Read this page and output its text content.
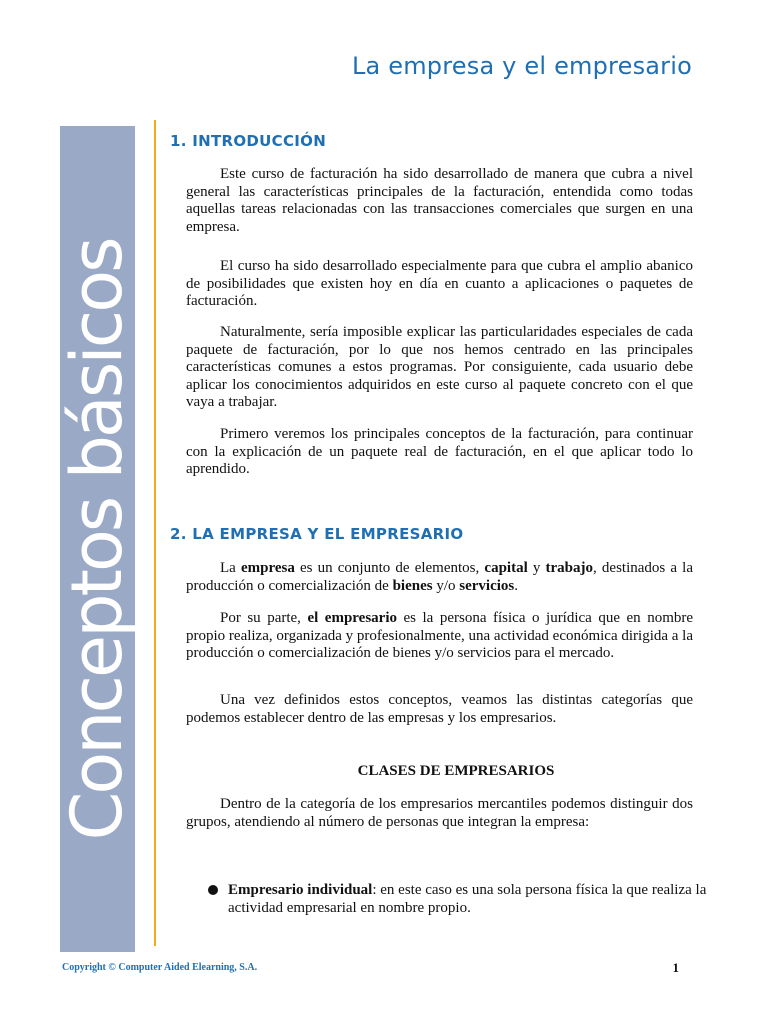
La empresa y el empresario
Conceptos básicos
1. INTRODUCCIÓN

Este curso de facturación ha sido desarrollado de manera que cubra a nivel general las características principales de la facturación, entendida como todas aquellas tareas relacionadas con las transacciones comerciales que surgen en una empresa.

El curso ha sido desarrollado especialmente para que cubra el amplio abanico de posibilidades que existen hoy en día en cuanto a aplicaciones o paquetes de facturación.

Naturalmente, sería imposible explicar las particularidades especiales de cada paquete de facturación, por lo que nos hemos centrado en las principales características comunes a estos programas. Por consiguiente, cada usuario debe aplicar los conocimientos adquiridos en este curso al paquete concreto con el que vaya a trabajar.

Primero veremos los principales conceptos de la facturación, para continuar con la explicación de un paquete real de facturación, en el que aplicar todo lo aprendido.

2. LA EMPRESA Y EL EMPRESARIO

La empresa es un conjunto de elementos, capital y trabajo, destinados a la producción o comercialización de bienes y/o servicios.

Por su parte, el empresario es la persona física o jurídica que en nombre propio realiza, organizada y profesionalmente, una actividad económica dirigida a la producción o comercialización de bienes y/o servicios para el mercado.

Una vez definidos estos conceptos, veamos las distintas categorías que podemos establecer dentro de las empresas y los empresarios.

CLASES DE EMPRESARIOS

Dentro de la categoría de los empresarios mercantiles podemos distinguir dos grupos, atendiendo al número de personas que integran la empresa:

Empresario individual: en este caso es una sola persona física la que realiza la actividad empresarial en nombre propio.
Copyright © Computer Aided Elearning, S.A.	1
